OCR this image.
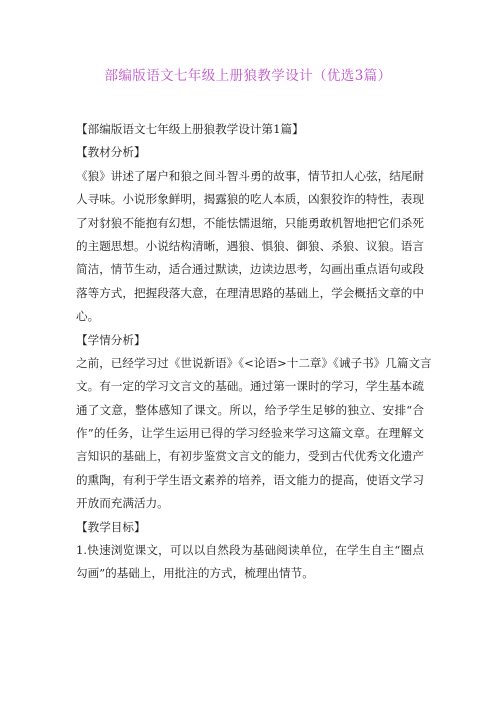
部编版语文七年级上册狼教学设计（优选3篇）
【部编版语文七年级上册狼教学设计第1篇】
【教材分析】
《狼》讲述了屠户和狼之间斗智斗勇的故事，情节扣人心弦，结尾耐
人寻味。小说形象鲜明，揭露狼的吃人本质，凶狠狡诈的特性，表现
了对豺狼不能抱有幻想，不能怯懦退缩，只能勇敢机智地把它们杀死
的主题思想。小说结构清晰，遇狼、惧狼、御狼、杀狼、议狼。语言
简洁，情节生动，适合通过默读，边读边思考，勾画出重点语句或段
落等方式，把握段落大意，在理清思路的基础上，学会概括文章的中
心。
【学情分析】
之前，已经学习过《世说新语》《<论语>十二章》《诫子书》几篇文言
文。有一定的学习文言文的基础。通过第一课时的学习，学生基本疏
通了文意，整体感知了课文。所以，给予学生足够的独立、安排“合
作”的任务，让学生运用已得的学习经验来学习这篇文章。在理解文
言知识的基础上，有初步鉴赏文言文的能力，受到古代优秀文化遗产
的熏陶，有利于学生语文素养的培养，语文能力的提高，使语文学习
开放而充满活力。
【教学目标】
1.快速浏览课文，可以以自然段为基础阅读单位，在学生自主“圈点
勾画”的基础上，用批注的方式，梳理出情节。
